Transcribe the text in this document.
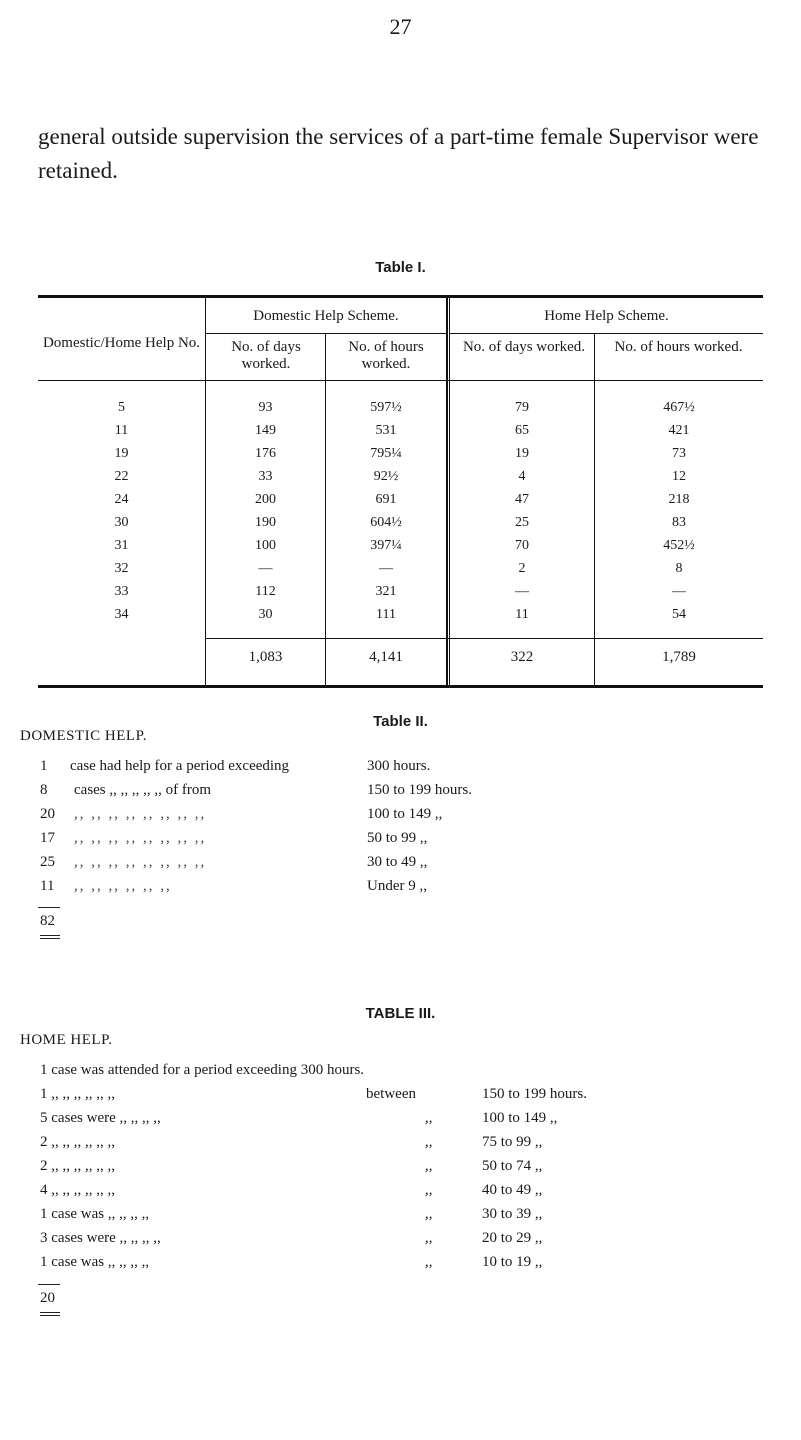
27
general outside supervision the services of a part-time female Supervisor were retained.
Table I.
Domestic/Home Help No.
Domestic Help Scheme.	Home Help Scheme.
No. of days worked.
No. of hours worked.
No. of days worked.	No. of hours worked.
5	93	597½	79	467½
11	149	531	65	421
19	176	795¼	19	73
22	33	92½	4	12
24	200	691	47	218
30	190	604½	25	83
31	100	397¼	70	452½
32	—	—	2	8
33	112	321	—	—
34	30	111	11	54
1,083	4,141	322	1,789
Table II.
DOMESTIC HELP.
1 case had help for a period exceeding	300 hours.
8 cases ,, ,, ,, ,, ,, of from	150 to 199 hours.
20 ,, ,, ,, ,, ,, ,, ,, ,,	100 to 149 ,,
17 ,, ,, ,, ,, ,, ,, ,, ,,	50 to 99 ,,
25 ,, ,, ,, ,, ,, ,, ,, ,,	30 to 49 ,,
11 ,, ,, ,, ,, ,, ,,	Under 9 ,,
82
TABLE III.
HOME HELP.
1 case was attended for a period exceeding 300 hours.
1 ,, ,, ,, ,, ,, ,,	between	150 to 199 hours.
5 cases were ,, ,, ,, ,,	,,	100 to 149 ,,
2 ,, ,, ,, ,, ,, ,,	,,	75 to 99 ,,
2 ,, ,, ,, ,, ,, ,,	,,	50 to 74 ,,
4 ,, ,, ,, ,, ,, ,,	,,	40 to 49 ,,
1 case was ,, ,, ,, ,,	,,	30 to 39 ,,
3 cases were ,, ,, ,, ,,	,,	20 to 29 ,,
1 case was ,, ,, ,, ,,	,,	10 to 19 ,,
20
